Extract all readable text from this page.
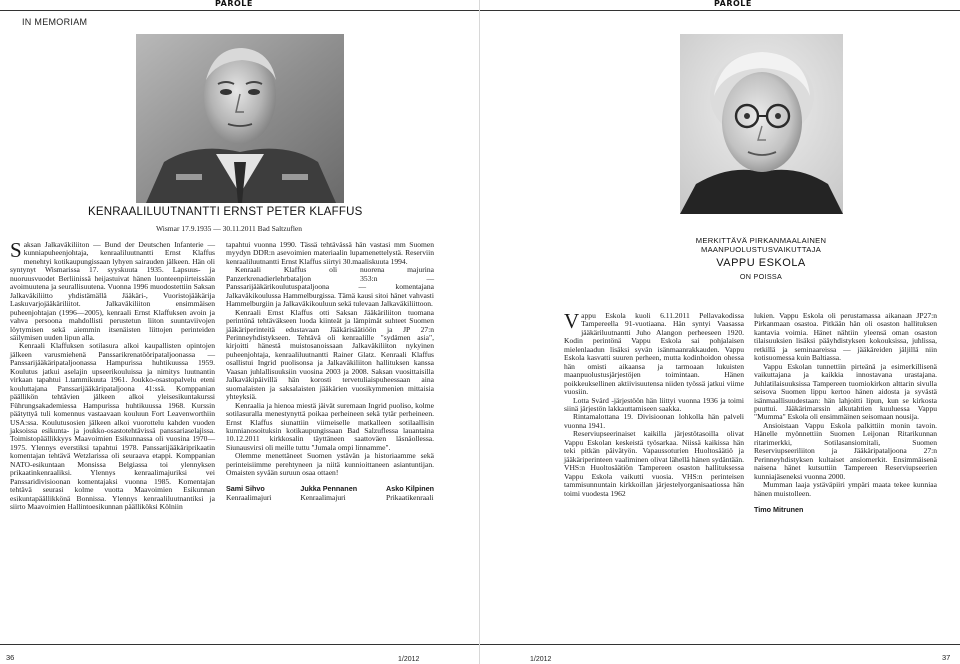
PAROLE
IN MEMORIAM
KENRAALILUUTNANTTI ERNST PETER KLAFFUS
Wismar 17.9.1935 — 30.11.2011 Bad Saltzuflen

Saksan Jalkaväkiliiton — Bund der Deutschen Infanterie — kunniapuheenjohtaja, kenraaliluutnantti Ernst Klaffus menehtyi kotikaupungissaan lyhyen sairauden jälkeen. Hän oli syntynyt Wismarissa 17. syyskuuta 1935. Lapsuus- ja nuoruusvuodet Berliinissä heijastuivat hänen luonteenpiirteissään avoimuutena ja seurallisuutena. Vuonna 1996 muodostettiin Saksan Jalkaväkiliitto yhdistämällä Jääkäri-, Vuoristojääkärija Laskuvarjojääkäriliitot. Jalkaväkiliiton ensimmäisen puheenjohtajan (1996—2005), kenraali Ernst Klaffuksen avoin ja vahva persoona mahdollisti perustetun liiton suuntaviivojen löytymisen sekä aiemmin itsenäisten liittojen perinteiden säilymisen uuden lipun alla.

Kenraali Klaffuksen sotilasura alkoi kaupallisten opintojen jälkeen varusmiehenä Panssarikrenatööripataljoonassa — Panssarijääkäripataljoonassa Hampurissa huhtikuussa 1959. Koulutus jatkui aselajin upseerikouluissa ja nimitys luutnantin virkaan tapahtui 1.tammikuuta 1961. Joukko-osastopalvelu eteni kouluttajana Panssarijääkäripataljoona 41:ssä. Komppanian päällikön tehtävien jälkeen alkoi yleisesikuntakurssi Führungsakademiessa Hampurissa huhtikuussa 1968. Kurssin päätyttyä tuli komennus vastaavaan kouluun Fort Leavenworthiin USA:ssa. Koulutusosien jälkeen alkoi vuorottelu kahden vuoden jaksoissa esikunta- ja joukko-osastotehtävissä panssariaselajissa. Toimistopäällikkyys Maavoimien Esikunnassa oli vuosina 1970—1975. Ylennys everstiksi tapahtui 1978. Panssarijääkäriprikaatin komentajan tehtävä Wetzlarissa oli seuraava etappi. Komppanian NATO-esikuntaan Monsissa Belgiassa toi ylennyksen prikaatinkenraaliksi. Ylennys kenraalimajuriksi vei Panssaridivisioonan komentajaksi vuonna 1985. Komentajan tehtävä seurasi kolme vuotta Maavoimien Esikunnan esikuntapäällikkönä Bonnissa. Ylennys kenraaliluutnantiksi ja siirto Maavoimien Hallintoesikunnan päälliköksi Kölniin

tapahtui vuonna 1990. Tässä tehtävässä hän vastasi mm Suomen myydyn DDR:n asevoimien materiaalin lupamenettelystä. Reserviin kenraaliluutnantti Ernst Klaffus siirtyi 30.maaliskuuta 1994.

Kenraali Klaffus oli nuorena majurina Panzerkrenadierlehrbataljon 353:n — Panssarijääkärikoulutuspataljoona — komentajana Jalkaväkikoulussa Hammelburgissa. Tämä kausi sitoi hänet vahvasti Hammelburgiin ja Jalkaväkikouluun sekä tulevaan Jalkaväkiliittoon.

Kenraali Ernst Klaffus otti Saksan Jääkäriliiton tuomana perintönä tehtäväkseen luoda kiinteät ja lämpimät suhteet Suomen jääkäriperinteitä edustavaan Jääkärisäätiöön ja JP 27:n Perinneyhdistykseen. Tehtävä oli kenraalille "sydämen asia", kirjoitti hänestä muistosanoissaan Jalkaväkiliiton nykyinen puheenjohtaja, kenraaliluutnantti Rainer Glatz. Kenraali Klaffus osallistui Ingrid puolisonsa ja Jalkaväkiliiton hallituksen kanssa Vaasan juhlallisuuksiin vuosina 2003 ja 2008. Saksan vuosittaisilla Jalkaväkipäivillä hän korosti tervetuliaispuheessaan aina suomalaisten ja saksalaisten jääkärien vuosikymmenien mittaisia yhteyksiä.

Kenraalia ja hienoa miestä jäivät suremaan Ingrid puoliso, kolme sotilasuralla menestynyttä poikaa perheineen sekä tytär perheineen. Ernst Klaffus siunattiin viimeiselle matkalleen sotilaallisin kunnianosoituksin kotikaupungissaan Bad Salzuflessa lauantaina 10.12.2011 kirkkosalin täyttäneen saattoväen läsnäollessa. Siunausvirsi oli meille tuttu "Jumala ompi linnamme".

Olemme menettäneet Suomen ystävän ja historiaamme sekä perinteisiimme perehtyneen ja niitä kunnioittaneen asiantuntijan. Omaisten syvään suruun osaa ottaen!

Sami Sihvo
Kenraalimajuri
Jukka Pennanen
Kenraalimajuri
Asko Kilpinen
Prikaatikenraali
36	1/2012
PAROLE
MERKITTÄVÄ PIRKANMAALAINEN
MAANPUOLUSTUSVAIKUTTAJA
VAPPU ESKOLA
ON POISSA

Vappu Eskola kuoli 6.11.2011 Pellavakodissa Tampereella 91-vuotiaana. Hän syntyi Vaasassa jääkäriluutnantti Juho Alangon perheeseen 1920. Kodin perintönä Vappu Eskola sai pohjalaisen mielenlaadun lisäksi syvän isänmaanrakkauden. Vappu Eskola kasvatti suuren perheen, mutta kodinhoidon ohessa hän omisti aikaansa ja tarmoaan lukuisten maanpuolustusjärjestöjen toimintaan. Hänen poikkeuksellinen aktiivisuutensa niiden työssä jatkui viime vuosiin.

Lotta Svärd -järjestöön hän liittyi vuonna 1936 ja toimi siinä järjestön lakkauttamiseen saakka.

Rintamalottana 19. Divisioonan lohkolla hän palveli vuonna 1941.

Reserviupseerinaiset kaikilla järjestötasoilla olivat Vappu Eskolan keskeistä työsarkaa. Niissä kaikissa hän teki pitkän päivätyön. Vapaussoturien Huoltosäätiö ja jääkäriperinteen vaaliminen olivat lähellä hänen sydäntään. VHS:n Huoltosäätiön Tampereen osaston hallituksessa Vappu Eskola vaikutti vuosia. VHS:n perinteisen tammisunnuntain kirkkoillan järjestelyorganisaatiossa hän toimi vuodesta 1962

lukien. Vappu Eskola oli perustamassa aikanaan JP27:n Pirkanmaan osastoa. Pitkään hän oli osaston hallituksen kantavia voimia. Hänet nähtiin yleensä oman osaston tilaisuuksien lisäksi pääyhdistyksen kokouksissa, juhlissa, retkillä ja seminaareissa — jääkäreiden jäljillä niin kotisuomessa kuin Baltiassa.

Vappu Eskolan tunnettiin pirteänä ja esimerkillisenä vaikuttajana ja kaikkia innostavana urastajana. Juhlatilaisuuksissa Tampereen tuomiokirkon alttarin sivulla seisova Suomen lippu kertoo hänen aidosta ja syvästä isänmaallisuudestaan: hän lahjoitti lipun, kun se kirkosta puuttui. Jääkärimarssin alkutahtien kuuluessa Vappu "Mumma" Eskola oli ensimmäinen seisomaan nousija.

Ansioistaan Vappu Eskola palkittiin monin tavoin. Hänelle myönnettiin Suomen Leijonan Ritarikunnan ritarimerkki, Sotilasansiomitali, Suomen Reserviupseeriliiton ja Jääkäripataljoona 27:n Perinneyhdistyksen kultaiset ansiomerkit. Ensimmäisenä naisena hänet kutsuttiin Tampereen Reserviupseerien kunniajäseneksi vuonna 2000.

Mumman laaja ystäväpiiri ympäri maata tekee kunniaa hänen muistolleen.

Timo Mitrunen
1/2012	37
